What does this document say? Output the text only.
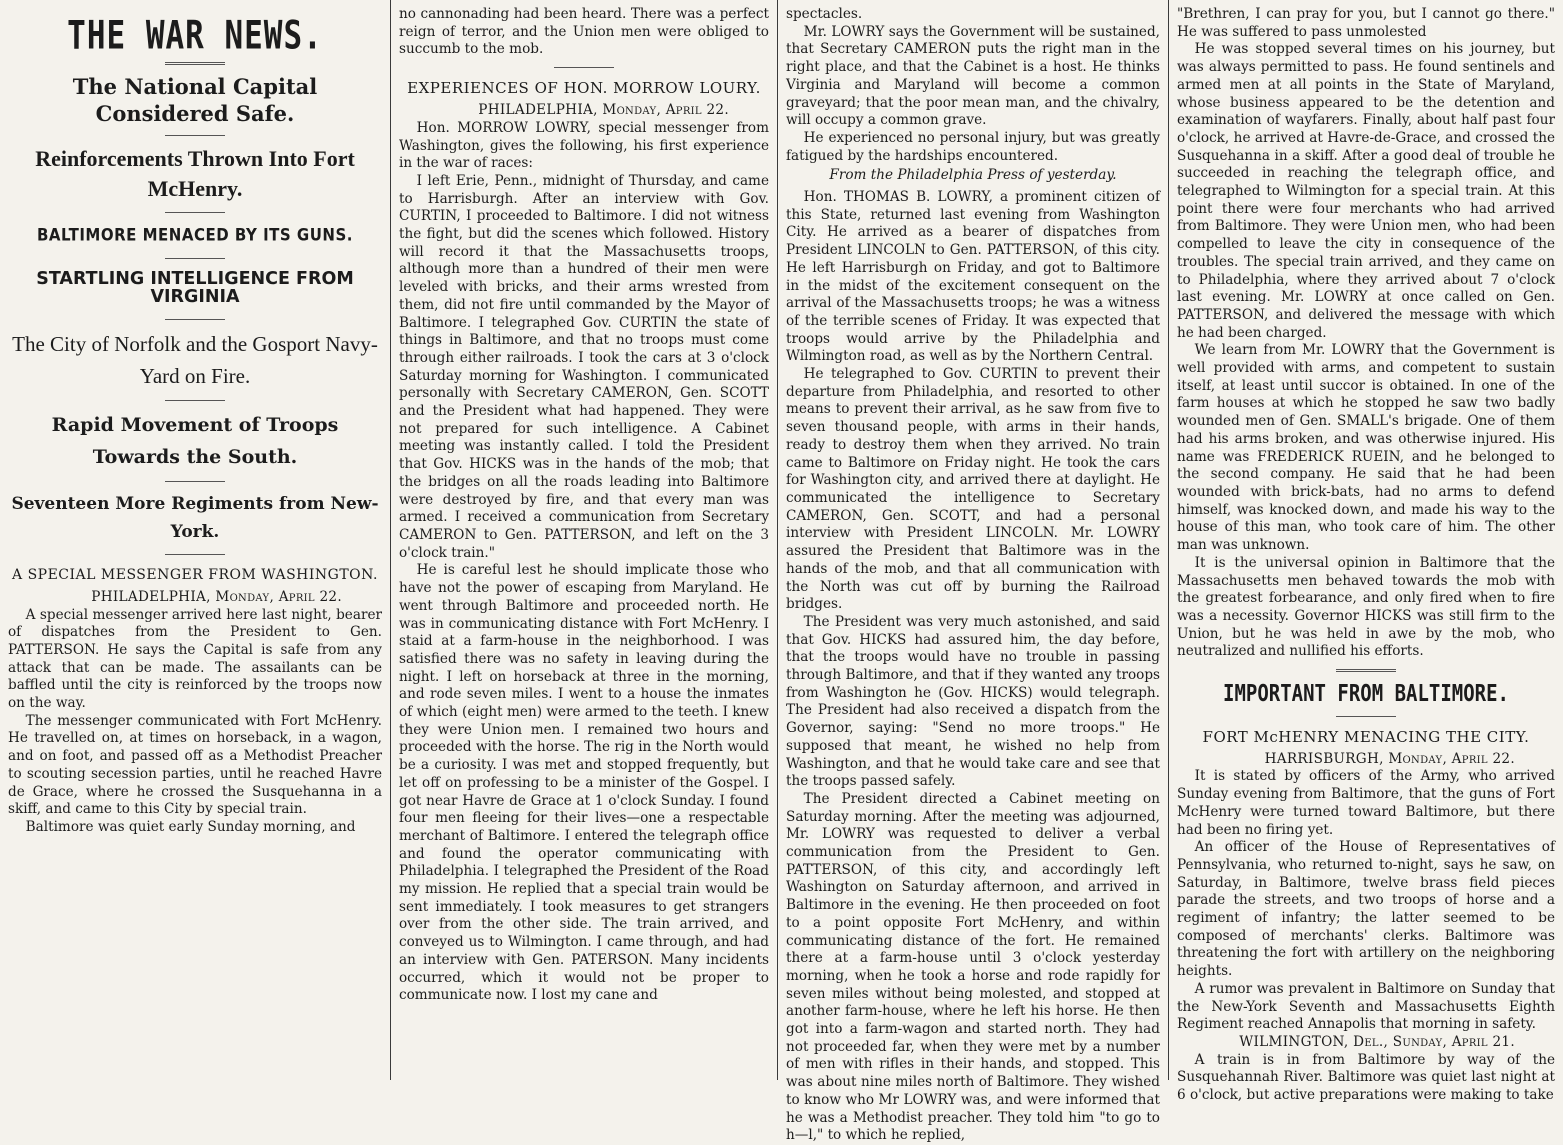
THE WAR NEWS.
The National Capital Considered Safe.
Reinforcements Thrown Into Fort McHenry.
BALTIMORE MENACED BY ITS GUNS.
STARTLING INTELLIGENCE FROM VIRGINIA
The City of Norfolk and the Gosport Navy-Yard on Fire.
Rapid Movement of Troops Towards the South.
Seventeen More Regiments from New-York.
A SPECIAL MESSENGER FROM WASHINGTON.
PHILADELPHIA, Monday, April 22.

A special messenger arrived here last night, bearer of dispatches from the President to Gen. PATTERSON. He says the Capital is safe from any attack that can be made. The assailants can be baffled until the city is reinforced by the troops now on the way.

The messenger communicated with Fort McHenry. He travelled on, at times on horseback, in a wagon, and on foot, and passed off as a Methodist Preacher to scouting secession parties, until he reached Havre de Grace, where he crossed the Susquehanna in a skiff, and came to this City by special train.

Baltimore was quiet early Sunday morning, and

no cannonading had been heard. There was a perfect reign of terror, and the Union men were obliged to succumb to the mob.

EXPERIENCES OF HON. MORROW LOURY.
PHILADELPHIA, Monday, April 22.

Hon. MORROW LOWRY, special messenger from Washington, gives the following, his first experience in the war of races:

I left Erie, Penn., midnight of Thursday, and came to Harrisburgh. After an interview with Gov. CURTIN, I proceeded to Baltimore. I did not witness the fight, but did the scenes which followed. History will record it that the Massachusetts troops, although more than a hundred of their men were leveled with bricks, and their arms wrested from them, did not fire until commanded by the Mayor of Baltimore. I telegraphed Gov. CURTIN the state of things in Baltimore, and that no troops must come through either railroads. I took the cars at 3 o'clock Saturday morning for Washington. I communicated personally with Secretary CAMERON, Gen. SCOTT and the President what had happened. They were not prepared for such intelligence. A Cabinet meeting was instantly called. I told the President that Gov. HICKS was in the hands of the mob; that the bridges on all the roads leading into Baltimore were destroyed by fire, and that every man was armed. I received a communication from Secretary CAMERON to Gen. PATTERSON, and left on the 3 o'clock train."

He is careful lest he should implicate those who have not the power of escaping from Maryland. He went through Baltimore and proceeded north. He was in communicating distance with Fort McHenry. I staid at a farm-house in the neighborhood. I was satisfied there was no safety in leaving during the night. I left on horseback at three in the morning, and rode seven miles. I went to a house the inmates of which (eight men) were armed to the teeth. I knew they were Union men. I remained two hours and proceeded with the horse. The rig in the North would be a curiosity. I was met and stopped frequently, but let off on professing to be a minister of the Gospel. I got near Havre de Grace at 1 o'clock Sunday. I found four men fleeing for their lives—one a respectable merchant of Baltimore. I entered the telegraph office and found the operator communicating with Philadelphia. I telegraphed the President of the Road my mission. He replied that a special train would be sent immediately. I took measures to get strangers over from the other side. The train arrived, and conveyed us to Wilmington. I came through, and had an interview with Gen. PATERSON. Many incidents occurred, which it would not be proper to communicate now. I lost my cane and

spectacles.

Mr. LOWRY says the Government will be sustained, that Secretary CAMERON puts the right man in the right place, and that the Cabinet is a host. He thinks Virginia and Maryland will become a common graveyard; that the poor mean man, and the chivalry, will occupy a common grave.

He experienced no personal injury, but was greatly fatigued by the hardships encountered.

From the Philadelphia Press of yesterday.

Hon. THOMAS B. LOWRY, a prominent citizen of this State, returned last evening from Washington City. He arrived as a bearer of dispatches from President LINCOLN to Gen. PATTERSON, of this city. He left Harrisburgh on Friday, and got to Baltimore in the midst of the excitement consequent on the arrival of the Massachusetts troops; he was a witness of the terrible scenes of Friday. It was expected that troops would arrive by the Philadelphia and Wilmington road, as well as by the Northern Central.

He telegraphed to Gov. CURTIN to prevent their departure from Philadelphia, and resorted to other means to prevent their arrival, as he saw from five to seven thousand people, with arms in their hands, ready to destroy them when they arrived. No train came to Baltimore on Friday night. He took the cars for Washington city, and arrived there at daylight. He communicated the intelligence to Secretary CAMERON, Gen. SCOTT, and had a personal interview with President LINCOLN. Mr. LOWRY assured the President that Baltimore was in the hands of the mob, and that all communication with the North was cut off by burning the Railroad bridges.

The President was very much astonished, and said that Gov. HICKS had assured him, the day before, that the troops would have no trouble in passing through Baltimore, and that if they wanted any troops from Washington he (Gov. HICKS) would telegraph. The President had also received a dispatch from the Governor, saying: "Send no more troops." He supposed that meant, he wished no help from Washington, and that he would take care and see that the troops passed safely.

The President directed a Cabinet meeting on Saturday morning. After the meeting was adjourned, Mr. LOWRY was requested to deliver a verbal communication from the President to Gen. PATTERSON, of this city, and accordingly left Washington on Saturday afternoon, and arrived in Baltimore in the evening. He then proceeded on foot to a point opposite Fort McHenry, and within communicating distance of the fort. He remained there at a farm-house until 3 o'clock yesterday morning, when he took a horse and rode rapidly for seven miles without being molested, and stopped at another farm-house, where he left his horse. He then got into a farm-wagon and started north. They had not proceeded far, when they were met by a number of men with rifles in their hands, and stopped. This was about nine miles north of Baltimore. They wished to know who Mr LOWRY was, and were informed that he was a Methodist preacher. They told him "to go to h—l," to which he replied,

"Brethren, I can pray for you, but I cannot go there." He was suffered to pass unmolested

He was stopped several times on his journey, but was always permitted to pass. He found sentinels and armed men at all points in the State of Maryland, whose business appeared to be the detention and examination of wayfarers. Finally, about half past four o'clock, he arrived at Havre-de-Grace, and crossed the Susquehanna in a skiff. After a good deal of trouble he succeeded in reaching the telegraph office, and telegraphed to Wilmington for a special train. At this point there were four merchants who had arrived from Baltimore. They were Union men, who had been compelled to leave the city in consequence of the troubles. The special train arrived, and they came on to Philadelphia, where they arrived about 7 o'clock last evening. Mr. LOWRY at once called on Gen. PATTERSON, and delivered the message with which he had been charged.

We learn from Mr. LOWRY that the Government is well provided with arms, and competent to sustain itself, at least until succor is obtained. In one of the farm houses at which he stopped he saw two badly wounded men of Gen. SMALL's brigade. One of them had his arms broken, and was otherwise injured. His name was FREDERICK RUEIN, and he belonged to the second company. He said that he had been wounded with brick-bats, had no arms to defend himself, was knocked down, and made his way to the house of this man, who took care of him. The other man was unknown.

It is the universal opinion in Baltimore that the Massachusetts men behaved towards the mob with the greatest forbearance, and only fired when to fire was a necessity. Governor HICKS was still firm to the Union, but he was held in awe by the mob, who neutralized and nullified his efforts.

IMPORTANT FROM BALTIMORE.
FORT McHENRY MENACING THE CITY.
HARRISBURGH, Monday, April 22.

It is stated by officers of the Army, who arrived Sunday evening from Baltimore, that the guns of Fort McHenry were turned toward Baltimore, but there had been no firing yet.

An officer of the House of Representatives of Pennsylvania, who returned to-night, says he saw, on Saturday, in Baltimore, twelve brass field pieces parade the streets, and two troops of horse and a regiment of infantry; the latter seemed to be composed of merchants' clerks. Baltimore was threatening the fort with artillery on the neighboring heights.

A rumor was prevalent in Baltimore on Sunday that the New-York Seventh and Massachusetts Eighth Regiment reached Annapolis that morning in safety.

WILMINGTON, Del., Sunday, April 21.

A train is in from Baltimore by way of the Susquehannah River. Baltimore was quiet last night at 6 o'clock, but active preparations were making to take
